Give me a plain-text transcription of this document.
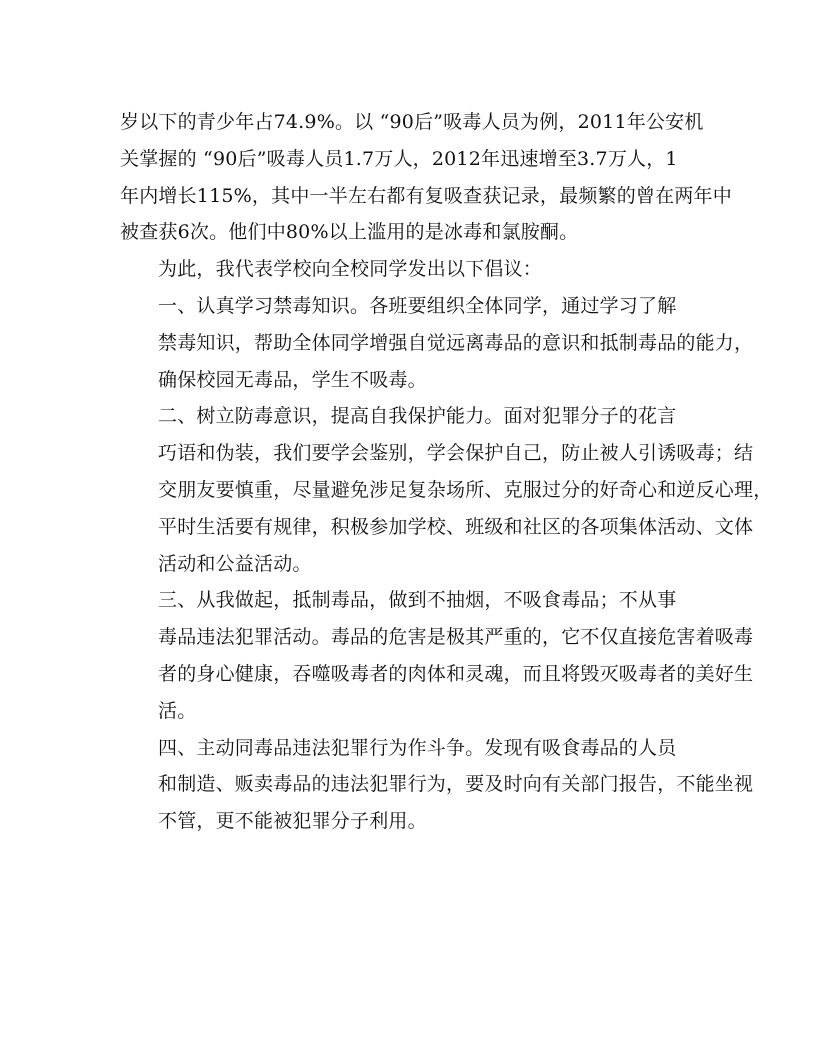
岁以下的青少年占74.9%。以 “90后”吸毒人员为例，2011年公安机
关掌握的 “90后”吸毒人员1.7万人，2012年迅速增至3.7万人，1
年内增长115%，其中一半左右都有复吸查获记录，最频繁的曾在两年中
被查获6次。他们中80%以上滥用的是冰毒和氯胺酮。

为此，我代表学校向全校同学发出以下倡议：

一、认真学习禁毒知识。各班要组织全体同学，通过学习了解
禁毒知识，帮助全体同学增强自觉远离毒品的意识和抵制毒品的能力，
确保校园无毒品，学生不吸毒。

二、树立防毒意识，提高自我保护能力。面对犯罪分子的花言
巧语和伪装，我们要学会鉴别，学会保护自己，防止被人引诱吸毒；结
交朋友要慎重，尽量避免涉足复杂场所、克服过分的好奇心和逆反心理，
平时生活要有规律，积极参加学校、班级和社区的各项集体活动、文体
活动和公益活动。

三、从我做起，抵制毒品，做到不抽烟，不吸食毒品；不从事
毒品违法犯罪活动。毒品的危害是极其严重的，它不仅直接危害着吸毒
者的身心健康，吞噬吸毒者的肉体和灵魂，而且将毁灭吸毒者的美好生
活。

四、主动同毒品违法犯罪行为作斗争。发现有吸食毒品的人员
和制造、贩卖毒品的违法犯罪行为，要及时向有关部门报告，不能坐视
不管，更不能被犯罪分子利用。
